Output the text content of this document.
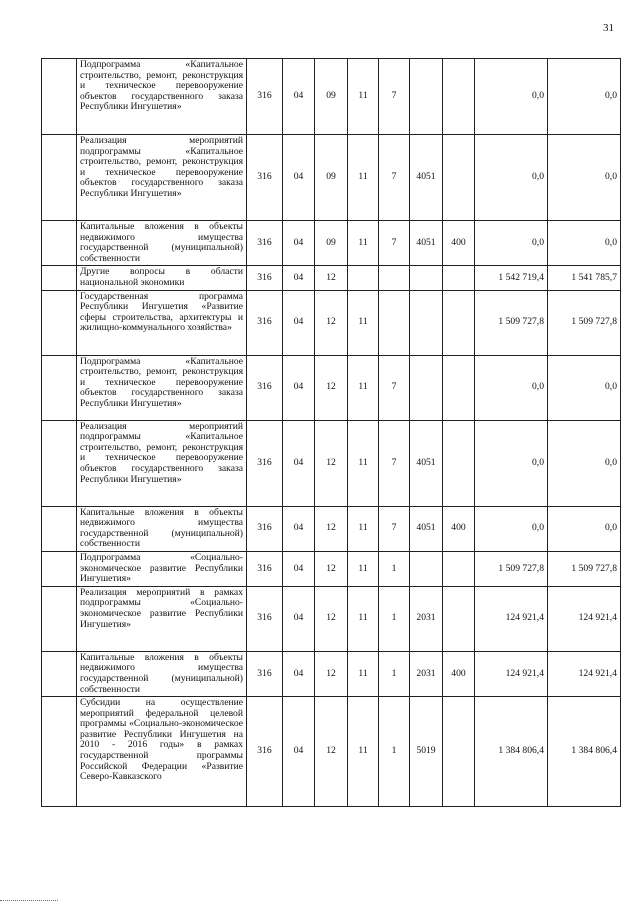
31
	Подпрограмма «Капитальное строительство, ремонт, реконструкция и техническое перевооружение объектов государственного заказа Республики Ингушетия»	316	04	09	11	7			0,0	0,0
	Реализация мероприятий подпрограммы «Капитальное строительство, ремонт, реконструкция и техническое перевооружение объектов государственного заказа Республики Ингушетия»	316	04	09	11	7	4051		0,0	0,0
	Капитальные вложения в объекты недвижимого имущества государственной (муниципальной) собственности	316	04	09	11	7	4051	400	0,0	0,0
	Другие вопросы в области национальной экономики	316	04	12					1 542 719,4	1 541 785,7
	Государственная программа Республики Ингушетия «Развитие сферы строительства, архитектуры и жилищно-коммунального хозяйства»	316	04	12	11				1 509 727,8	1 509 727,8
	Подпрограмма «Капитальное строительство, ремонт, реконструкция и техническое перевооружение объектов государственного заказа Республики Ингушетия»	316	04	12	11	7			0,0	0,0
	Реализация мероприятий подпрограммы «Капитальное строительство, ремонт, реконструкция и техническое перевооружение объектов государственного заказа Республики Ингушетия»	316	04	12	11	7	4051		0,0	0,0
	Капитальные вложения в объекты недвижимого имущества государственной (муниципальной) собственности	316	04	12	11	7	4051	400	0,0	0,0
	Подпрограмма «Социально-экономическое развитие Республики Ингушетия»	316	04	12	11	1			1 509 727,8	1 509 727,8
	Реализация мероприятий в рамках подпрограммы «Социально-экономическое развитие Республики Ингушетия»	316	04	12	11	1	2031		124 921,4	124 921,4
	Капитальные вложения в объекты недвижимого имущества государственной (муниципальной) собственности	316	04	12	11	1	2031	400	124 921,4	124 921,4
	Субсидии на осуществление мероприятий федеральной целевой программы «Социально-экономическое развитие Республики Ингушетия на 2010 - 2016 годы» в рамках государственной программы Российской Федерации «Развитие Северо-Кавказского	316	04	12	11	1	5019		1 384 806,4	1 384 806,4
